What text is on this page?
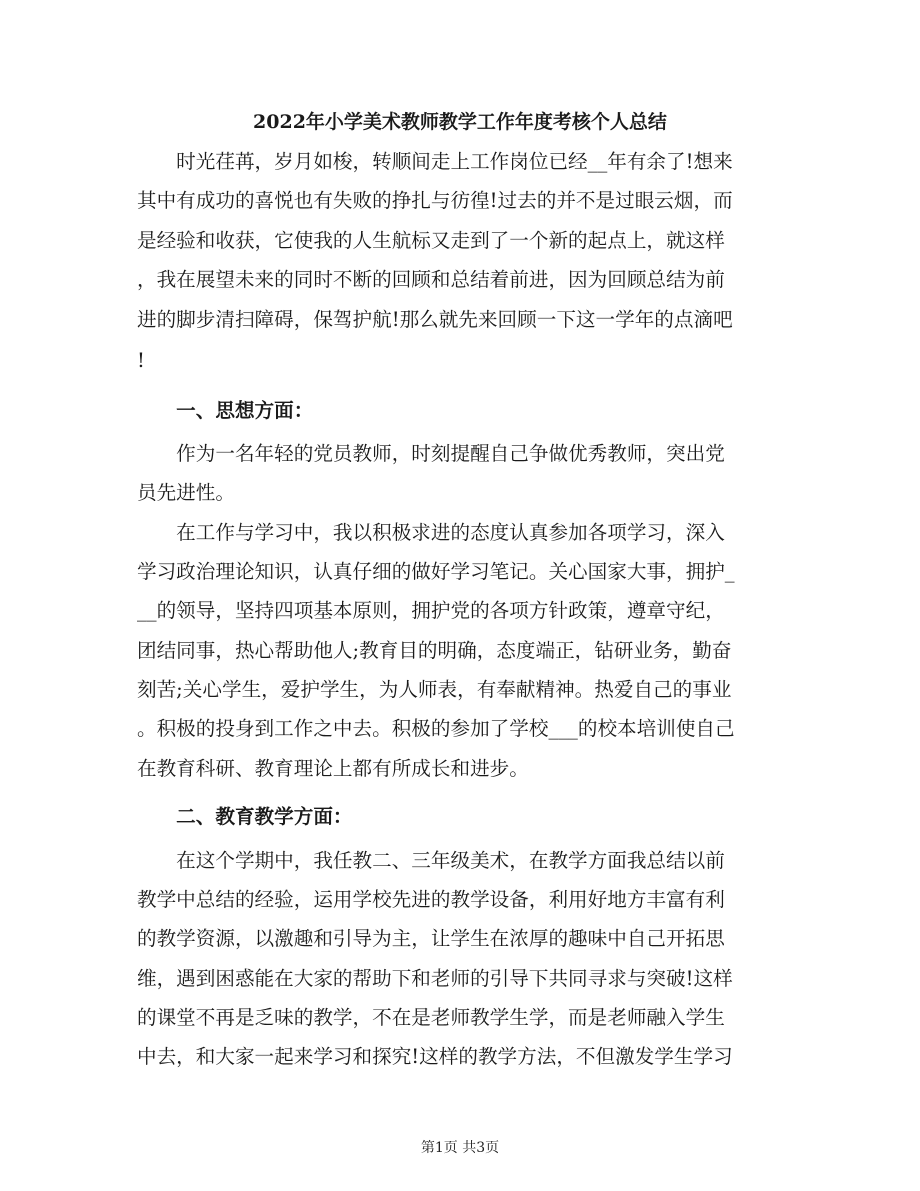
2022年小学美术教师教学工作年度考核个人总结
　　时光荏苒，岁月如梭，转顺间走上工作岗位已经__年有余了!想来
其中有成功的喜悦也有失败的挣扎与彷徨!过去的并不是过眼云烟，而
是经验和收获，它使我的人生航标又走到了一个新的起点上，就这样
，我在展望未来的同时不断的回顾和总结着前进，因为回顾总结为前
进的脚步清扫障碍，保驾护航!那么就先来回顾一下这一学年的点滴吧
!
　　一、思想方面：
　　作为一名年轻的党员教师，时刻提醒自己争做优秀教师，突出党
员先进性。
　　在工作与学习中，我以积极求进的态度认真参加各项学习，深入
学习政治理论知识，认真仔细的做好学习笔记。关心国家大事，拥护_
__的领导，坚持四项基本原则，拥护党的各项方针政策，遵章守纪，
团结同事，热心帮助他人;教育目的明确，态度端正，钻研业务，勤奋
刻苦;关心学生，爱护学生，为人师表，有奉献精神。热爱自己的事业
。积极的投身到工作之中去。积极的参加了学校___的校本培训使自己
在教育科研、教育理论上都有所成长和进步。
　　二、教育教学方面：
　　在这个学期中，我任教二、三年级美术，在教学方面我总结以前
教学中总结的经验，运用学校先进的教学设备，利用好地方丰富有利
的教学资源，以激趣和引导为主，让学生在浓厚的趣味中自己开拓思
维，遇到困惑能在大家的帮助下和老师的引导下共同寻求与突破!这样
的课堂不再是乏味的教学，不在是老师教学生学，而是老师融入学生
中去，和大家一起来学习和探究!这样的教学方法，不但激发学生学习
第1页 共3页
